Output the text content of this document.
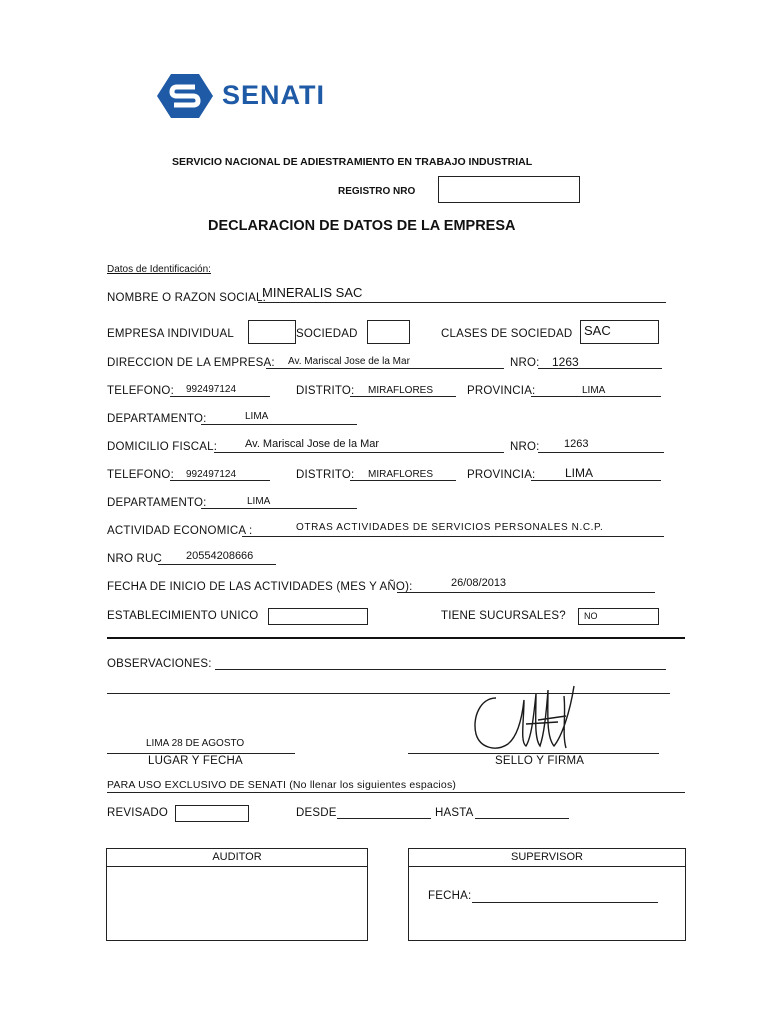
SENATI
SERVICIO NACIONAL DE ADIESTRAMIENTO EN TRABAJO INDUSTRIAL
REGISTRO NRO
DECLARACION DE DATOS DE LA EMPRESA
Datos de Identificación:
NOMBRE O RAZON SOCIAL:
MINERALIS SAC
EMPRESA INDIVIDUAL	SOCIEDAD	CLASES DE SOCIEDAD SAC
DIRECCION DE LA EMPRESA: Av. Mariscal Jose de la Mar	NRO: 1263
TELEFONO: 992497124	DISTRITO: MIRAFLORES	PROVINCIA:	LIMA
DEPARTAMENTO:	LIMA
DOMICILIO FISCAL:	Av. Mariscal Jose de la Mar	NRO: 1263
TELEFONO: 992497124	DISTRITO: MIRAFLORES	PROVINCIA: LIMA
DEPARTAMENTO:	LIMA
ACTIVIDAD ECONOMICA :	OTRAS ACTIVIDADES DE SERVICIOS PERSONALES N.C.P.
NRO RUC 20554208666
FECHA DE INICIO DE LAS ACTIVIDADES (MES Y AÑO):	26/08/2013
ESTABLECIMIENTO UNICO	TIENE SUCURSALES? NO
OBSERVACIONES:
LIMA 28 DE AGOSTO
LUGAR Y FECHA	SELLO Y FIRMA
PARA USO EXCLUSIVO DE SENATI (No llenar los siguientes espacios)
REVISADO	DESDE	HASTA
AUDITOR	SUPERVISOR
FECHA:
